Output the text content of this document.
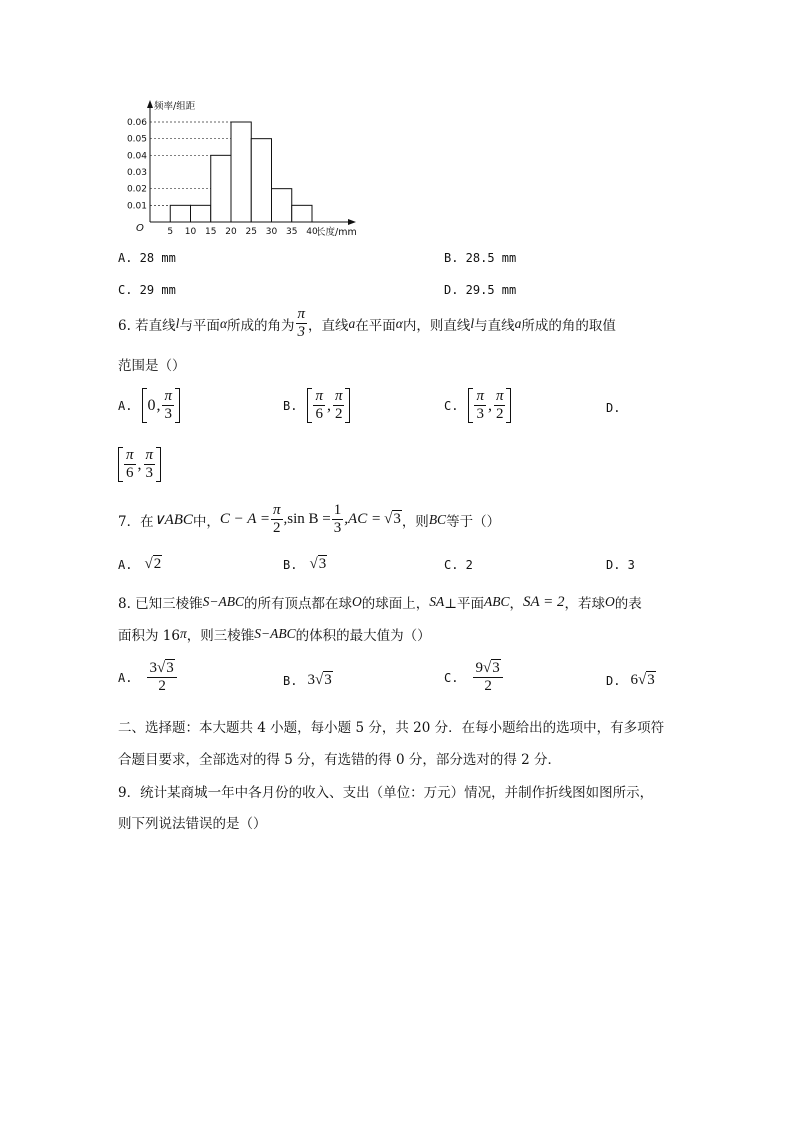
频率/组距
长度/mm
O
0.06
0.05
0.04
0.03
0.02
0.01
5 10 15 20 25 30 35 40
A. 28 mm	B. 28.5 mm
C. 29 mm	D. 29.5 mm
6. 若直线 l 与平面 α 所成的角为 $\frac{\pi}{3}$ ，直线 a 在平面 α 内，则直线 l 与直线 a 所成的角的取值
范围是（）
A. 0 , $\frac{\pi}{3}$	B. $\frac{\pi}{6}$ , $\frac{\pi}{2}$	C. $\frac{\pi}{3}$ , $\frac{\pi}{2}$	D.
$\frac{\pi}{6}$ , $\frac{\pi}{3}$
7．在 ∨ABC 中， $C - A = \frac{\pi}{2} ,\sin$ $B = \frac{1}{3} ,AC = √3$ ，则 BC 等于（）
A. √2	B. √3	C. 2	D. 3
8. 已知三棱锥 S−ABC 的所有顶点都在球 O 的球面上， SA ⊥平面 ABC ， SA = 2 ，若球 O 的表
面积为 16 π ，则三棱锥 S−ABC 的体积的最大值为（）
A. $\frac{3√3}{2}$	B. 3 √3	C. $\frac{9√3}{2}$	D. 6 √3
二、选择题：本大题共 4 小题，每小题 5 分，共 20 分．在每小题给出的选项中，有多项符
合题目要求，全部选对的得 5 分，有选错的得 0 分，部分选对的得 2 分．
9．统计某商城一年中各月份的收入、支出（单位：万元）情况，并制作折线图如图所示，
则下列说法错误的是（）
